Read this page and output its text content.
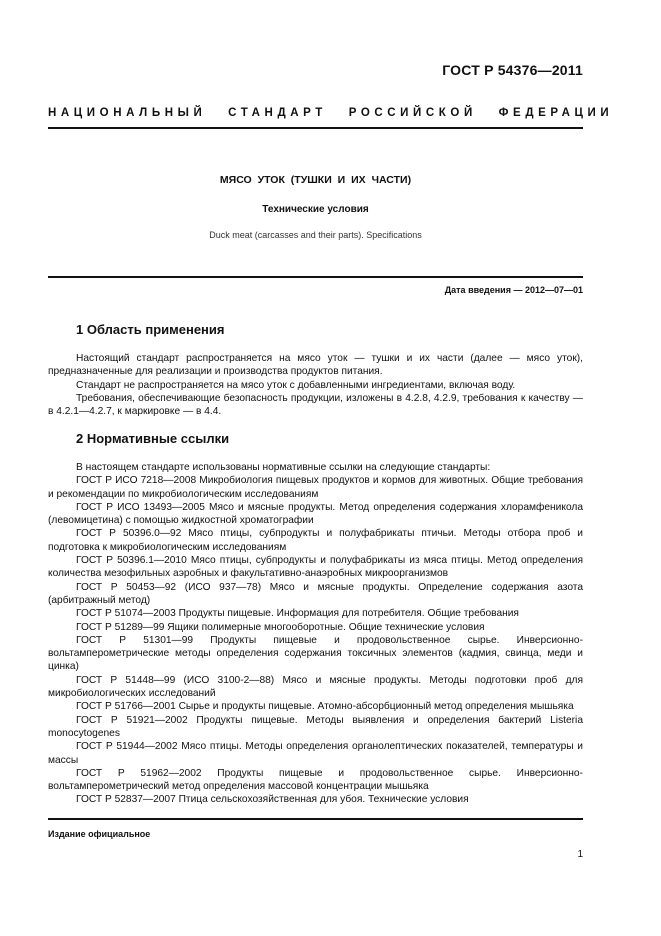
ГОСТ Р 54376—2011
НАЦИОНАЛЬНЫЙ СТАНДАРТ РОССИЙСКОЙ ФЕДЕРАЦИИ
МЯСО УТОК (ТУШКИ И ИХ ЧАСТИ)
Технические условия
Duck meat (carcasses and their parts). Specifications
Дата введения — 2012—07—01
1 Область применения

Настоящий стандарт распространяется на мясо уток — тушки и их части (далее — мясо уток), предназначенные для реализации и производства продуктов питания.

Стандарт не распространяется на мясо уток с добавленными ингредиентами, включая воду.

Требования, обеспечивающие безопасность продукции, изложены в 4.2.8, 4.2.9, требования к качеству — в 4.2.1—4.2.7, к маркировке — в 4.4.

2 Нормативные ссылки

В настоящем стандарте использованы нормативные ссылки на следующие стандарты:

ГОСТ Р ИСО 7218—2008 Микробиология пищевых продуктов и кормов для животных. Общие требования и рекомендации по микробиологическим исследованиям

ГОСТ Р ИСО 13493—2005 Мясо и мясные продукты. Метод определения содержания хлорамфеникола (левомицетина) с помощью жидкостной хроматографии

ГОСТ Р 50396.0—92 Мясо птицы, субпродукты и полуфабрикаты птичьи. Методы отбора проб и подготовка к микробиологическим исследованиям

ГОСТ Р 50396.1—2010 Мясо птицы, субпродукты и полуфабрикаты из мяса птицы. Метод определения количества мезофильных аэробных и факультативно-анаэробных микроорганизмов

ГОСТ Р 50453—92 (ИСО 937—78) Мясо и мясные продукты. Определение содержания азота (арбитражный метод)

ГОСТ Р 51074—2003 Продукты пищевые. Информация для потребителя. Общие требования

ГОСТ Р 51289—99 Ящики полимерные многооборотные. Общие технические условия

ГОСТ Р 51301—99 Продукты пищевые и продовольственное сырье. Инверсионно-вольтамперометрические методы определения содержания токсичных элементов (кадмия, свинца, меди и цинка)

ГОСТ Р 51448—99 (ИСО 3100-2—88) Мясо и мясные продукты. Методы подготовки проб для микробиологических исследований

ГОСТ Р 51766—2001 Сырье и продукты пищевые. Атомно-абсорбционный метод определения мышьяка

ГОСТ Р 51921—2002 Продукты пищевые. Методы выявления и определения бактерий Listeria monocytogenes

ГОСТ Р 51944—2002 Мясо птицы. Методы определения органолептических показателей, температуры и массы

ГОСТ Р 51962—2002 Продукты пищевые и продовольственное сырье. Инверсионно-вольтамперометрический метод определения массовой концентрации мышьяка

ГОСТ Р 52837—2007 Птица сельскохозяйственная для убоя. Технические условия

Издание официальное
1
